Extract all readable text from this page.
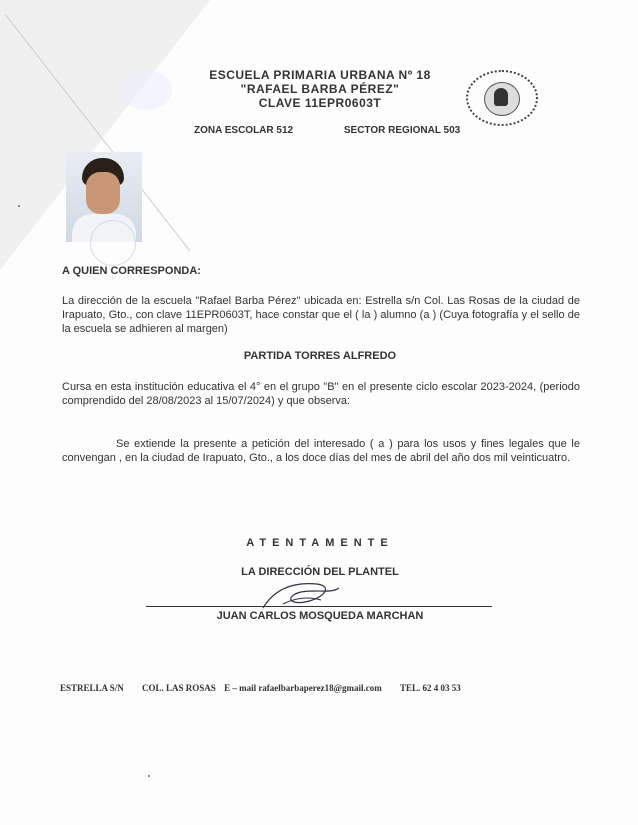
ESCUELA PRIMARIA URBANA Nº 18
"RAFAEL BARBA PÉREZ"
CLAVE 11EPR0603T
ZONA ESCOLAR 512	SECTOR REGIONAL 503
A QUIEN CORRESPONDA:
La dirección de la escuela "Rafael Barba Pérez" ubicada en: Estrella s/n Col. Las Rosas de la ciudad de Irapuato, Gto., con clave 11EPR0603T, hace constar que el ( la ) alumno (a ) (Cuya fotografía y el sello de la escuela se adhieren al margen)
PARTIDA TORRES ALFREDO
Cursa en esta institución educativa el 4° en el grupo "B" en el presente ciclo escolar 2023-2024, (periodo comprendido del 28/08/2023 al 15/07/2024) y que observa:
Se extiende la presente a petición del interesado ( a ) para los usos y fines legales que le convengan , en la ciudad de Irapuato, Gto., a los doce días del mes de abril del año dos mil veinticuatro.
ATENTAMENTE
LA DIRECCIÓN DEL PLANTEL
JUAN CARLOS MOSQUEDA MARCHAN
ESTRELLA S/N COL. LAS ROSAS E – mail rafaelbarbaperez18@gmail.com TEL. 62 4 03 53
